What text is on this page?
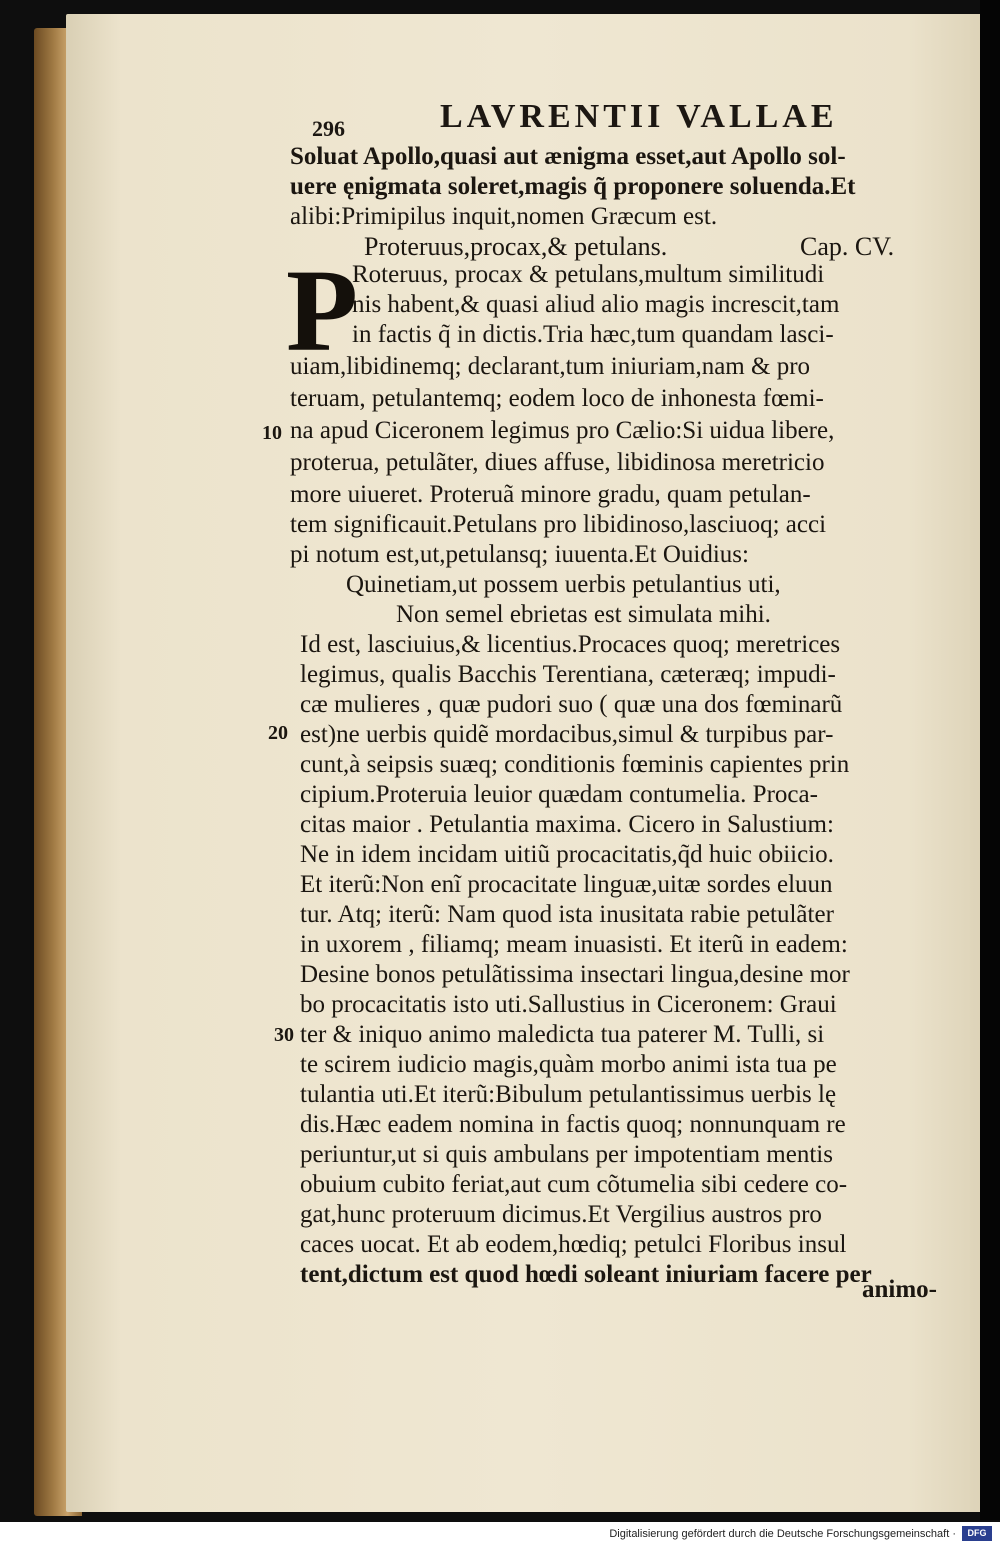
296	LAVRENTII VALLAE
Soluat Apollo,quasi aut ænigma esset,aut Apollo sol-
uere ęnigmata soleret,magis q̃ proponere soluenda.Et
alibi:Primipilus inquit,nomen Græcum est.
Proteruus,procax,& petulans.	Cap. CV.
P
Roteruus, procax & petulans,multum similitudi
nis habent,& quasi aliud alio magis increscit,tam
in factis q̃ in dictis.Tria hæc,tum quandam lasci-
uiam,libidinemq; declarant,tum iniuriam,nam & pro
teruam, petulantemq; eodem loco de inhonesta fœmi-
na apud Ciceronem legimus pro Cælio:Si uidua libere,
proterua, petulãter, diues affuse, libidinosa meretricio
more uiueret. Proteruã minore gradu, quam petulan-
tem significauit.Petulans pro libidinoso,lasciuoq; acci
pi notum est,ut,petulansq; iuuenta.Et Ouidius:
Quinetiam,ut possem uerbis petulantius uti,
Non semel ebrietas est simulata mihi.
Id est, lasciuius,& licentius.Procaces quoq; meretrices
legimus, qualis Bacchis Terentiana, cæteræq; impudi-
cæ mulieres , quæ pudori suo ( quæ una dos fœminarũ
est)ne uerbis quidẽ mordacibus,simul & turpibus par-
cunt,à seipsis suæq; conditionis fœminis capientes prin
cipium.Proteruia leuior quædam contumelia. Proca-
citas maior . Petulantia maxima. Cicero in Salustium:
Ne in idem incidam uitiũ procacitatis,q̃d huic obiicio.
Et iterũ:Non enĩ procacitate linguæ,uitæ sordes eluun
tur. Atq; iterũ: Nam quod ista inusitata rabie petulãter
in uxorem , filiamq; meam inuasisti. Et iterũ in eadem:
Desine bonos petulãtissima insectari lingua,desine mor
bo procacitatis isto uti.Sallustius in Ciceronem: Graui
ter & iniquo animo maledicta tua paterer M. Tulli, si
te scirem iudicio magis,quàm morbo animi ista tua pe
tulantia uti.Et iterũ:Bibulum petulantissimus uerbis lę
dis.Hæc eadem nomina in factis quoq; nonnunquam re
periuntur,ut si quis ambulans per impotentiam mentis
obuium cubito feriat,aut cum cõtumelia sibi cedere co-
gat,hunc proteruum dicimus.Et Vergilius austros pro
caces uocat. Et ab eodem,hœdiq; petulci Floribus insul
tent,dictum est quod hœdi soleant iniuriam facere per
animo-
10
20
30
Digitalisierung gefördert durch die Deutsche Forschungsgemeinschaft ·	DFG
